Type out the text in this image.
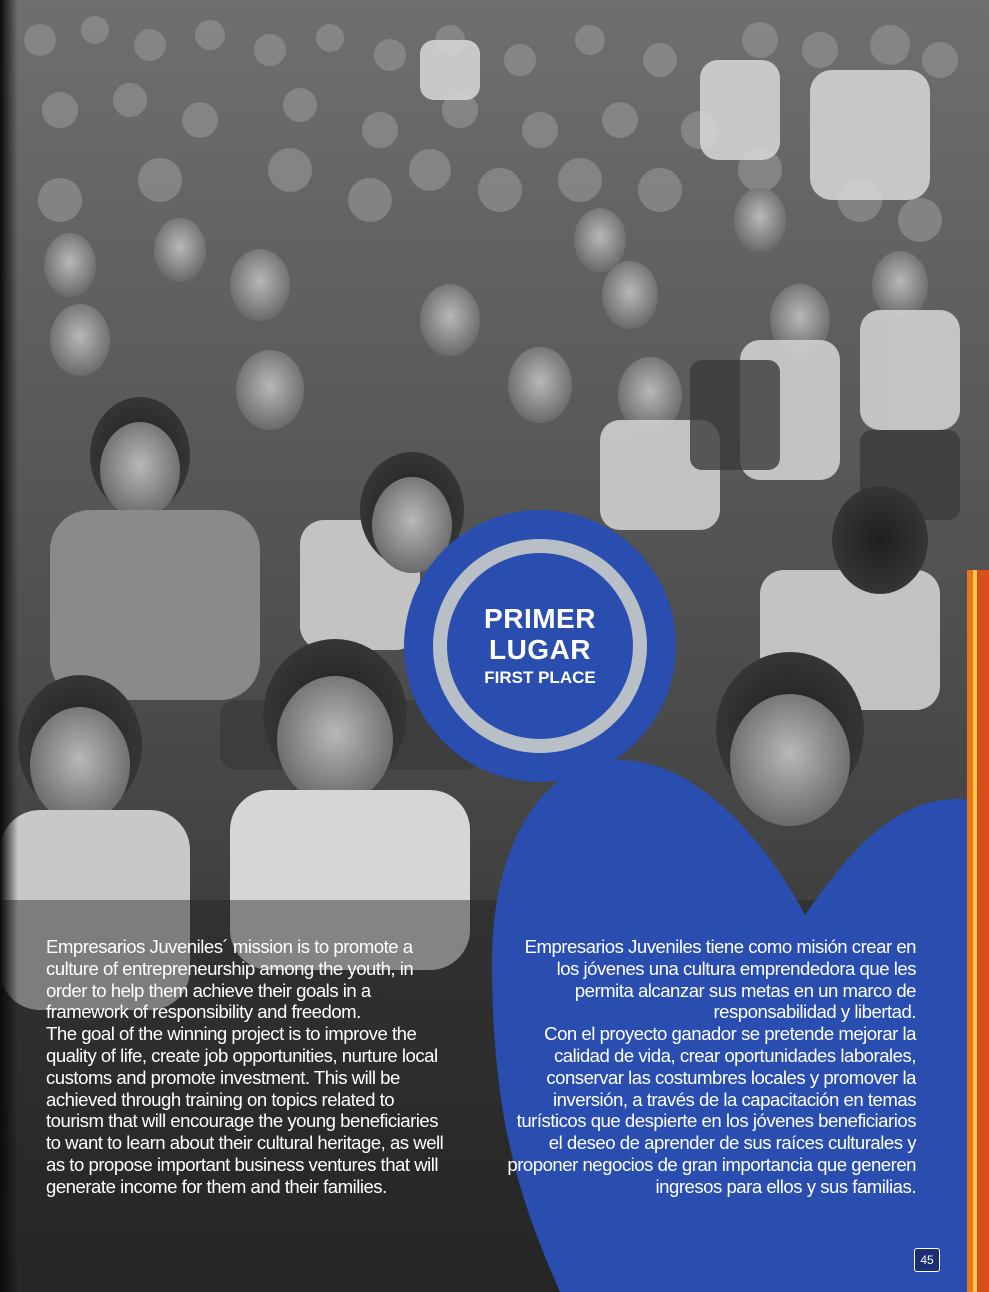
PRIMER
LUGAR
FIRST PLACE

Empresarios Juveniles´ mission is to promote a culture of entrepreneurship among the youth, in order to help them achieve their goals in a framework of responsibility and freedom.

The goal of the winning project is to improve the quality of life, create job opportunities, nurture local customs and promote investment. This will be achieved through training on topics related to tourism that will encourage the young beneficiaries to want to learn about their cultural heritage, as well as to propose important business ventures that will generate income for them and their families.

Empresarios Juveniles tiene como misión crear en los jóvenes una cultura emprendedora que les permita alcanzar sus metas en un marco de responsabilidad y libertad.

Con el proyecto ganador se pretende mejorar la calidad de vida, crear oportunidades laborales, conservar las costumbres locales y promover la inversión, a través de la capacitación en temas turísticos que despierte en los jóvenes beneficiarios el deseo de aprender de sus raíces culturales y proponer negocios de gran importancia que generen ingresos para ellos y sus familias.

45
